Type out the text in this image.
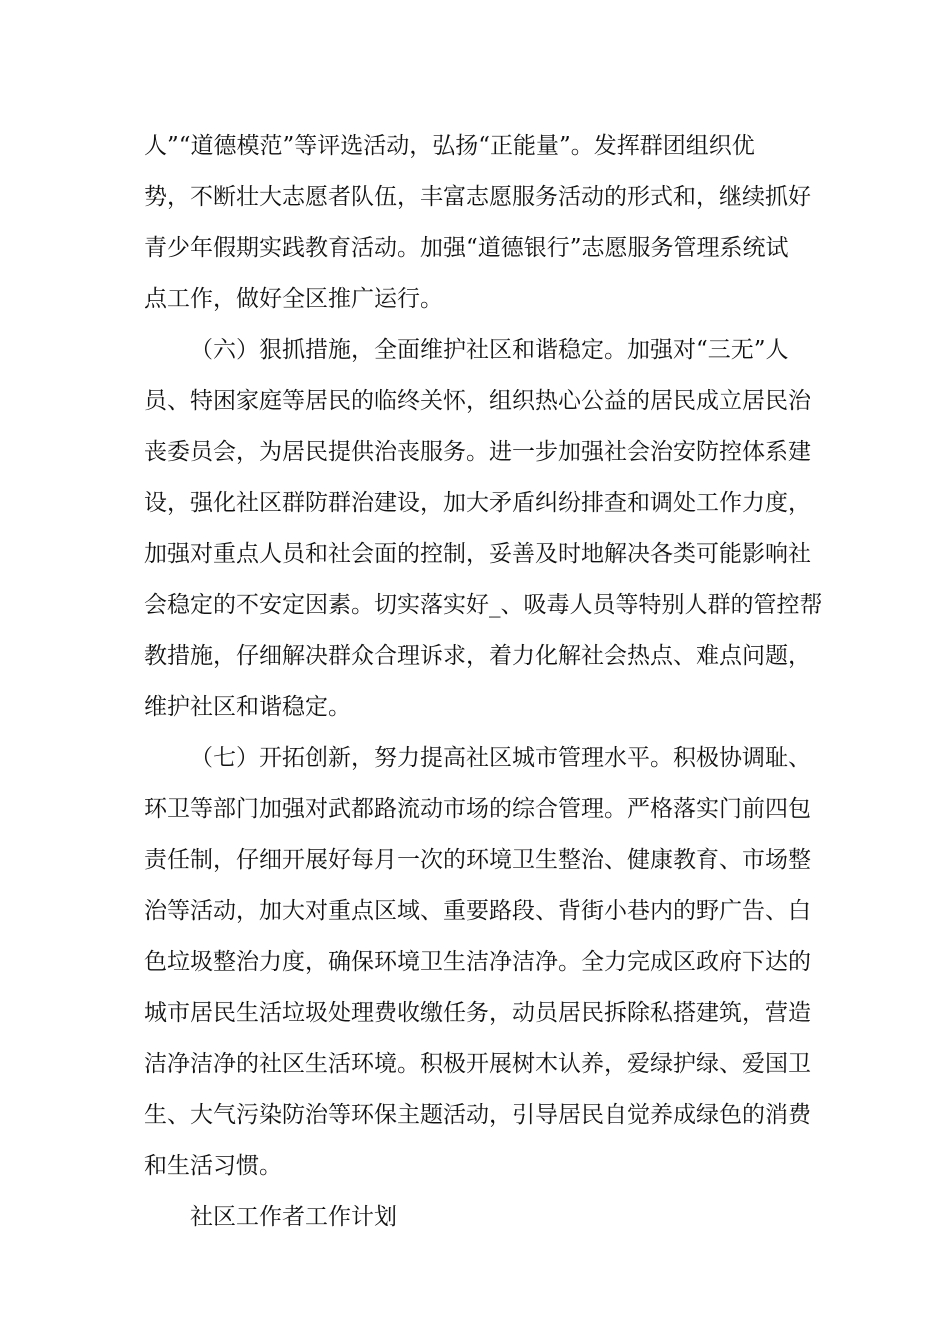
人”“道德模范”等评选活动，弘扬“正能量”。发挥群团组织优
势，不断壮大志愿者队伍，丰富志愿服务活动的形式和，继续抓好
青少年假期实践教育活动。加强“道德银行”志愿服务管理系统试
点工作，做好全区推广运行。
（六）狠抓措施，全面维护社区和谐稳定。加强对“三无”人
员、特困家庭等居民的临终关怀，组织热心公益的居民成立居民治
丧委员会，为居民提供治丧服务。进一步加强社会治安防控体系建
设，强化社区群防群治建设，加大矛盾纠纷排查和调处工作力度，
加强对重点人员和社会面的控制，妥善及时地解决各类可能影响社
会稳定的不安定因素。切实落实好_、吸毒人员等特别人群的管控帮
教措施，仔细解决群众合理诉求，着力化解社会热点、难点问题，
维护社区和谐稳定。
（七）开拓创新，努力提高社区城市管理水平。积极协调耻、
环卫等部门加强对武都路流动市场的综合管理。严格落实门前四包
责任制，仔细开展好每月一次的环境卫生整治、健康教育、市场整
治等活动，加大对重点区域、重要路段、背街小巷内的野广告、白
色垃圾整治力度，确保环境卫生洁净洁净。全力完成区政府下达的
城市居民生活垃圾处理费收缴任务，动员居民拆除私搭建筑，营造
洁净洁净的社区生活环境。积极开展树木认养，爱绿护绿、爱国卫
生、大气污染防治等环保主题活动，引导居民自觉养成绿色的消费
和生活习惯。
社区工作者工作计划
